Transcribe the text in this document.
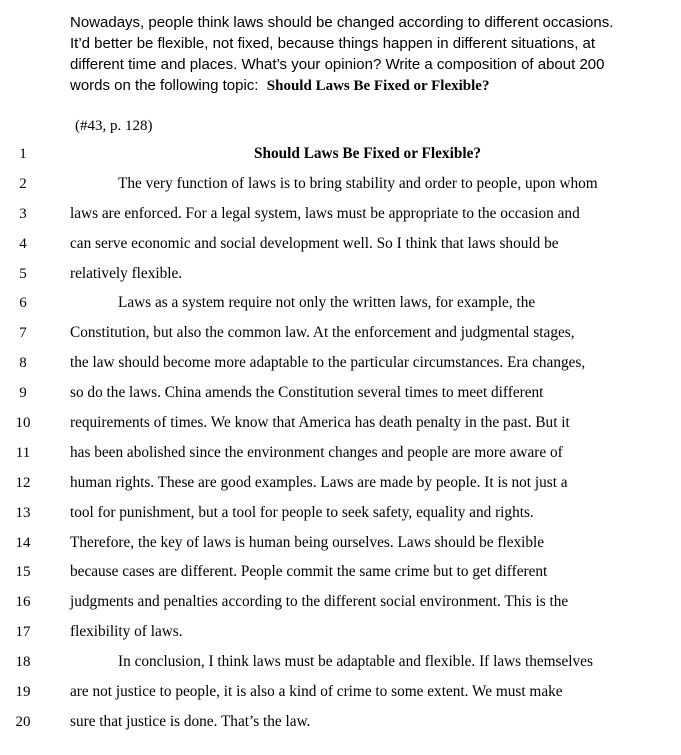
Nowadays, people think laws should be changed according to different occasions.
It’d better be flexible, not fixed, because things happen in different situations, at
different time and places. What’s your opinion? Write a composition of about 200
words on the following topic:  Should Laws Be Fixed or Flexible?
(#43, p. 128)
1	Should Laws Be Fixed or Flexible?
2	The very function of laws is to bring stability and order to people, upon whom
3	laws are enforced. For a legal system, laws must be appropriate to the occasion and
4	can serve economic and social development well. So I think that laws should be
5	relatively flexible.
6	Laws as a system require not only the written laws, for example, the
7	Constitution, but also the common law. At the enforcement and judgmental stages,
8	the law should become more adaptable to the particular circumstances. Era changes,
9	so do the laws. China amends the Constitution several times to meet different
10	requirements of times. We know that America has death penalty in the past. But it
11	has been abolished since the environment changes and people are more aware of
12	human rights. These are good examples. Laws are made by people. It is not just a
13	tool for punishment, but a tool for people to seek safety, equality and rights.
14	Therefore, the key of laws is human being ourselves. Laws should be flexible
15	because cases are different. People commit the same crime but to get different
16	judgments and penalties according to the different social environment. This is the
17	flexibility of laws.
18	In conclusion, I think laws must be adaptable and flexible. If laws themselves
19	are not justice to people, it is also a kind of crime to some extent. We must make
20	sure that justice is done. That’s the law.
